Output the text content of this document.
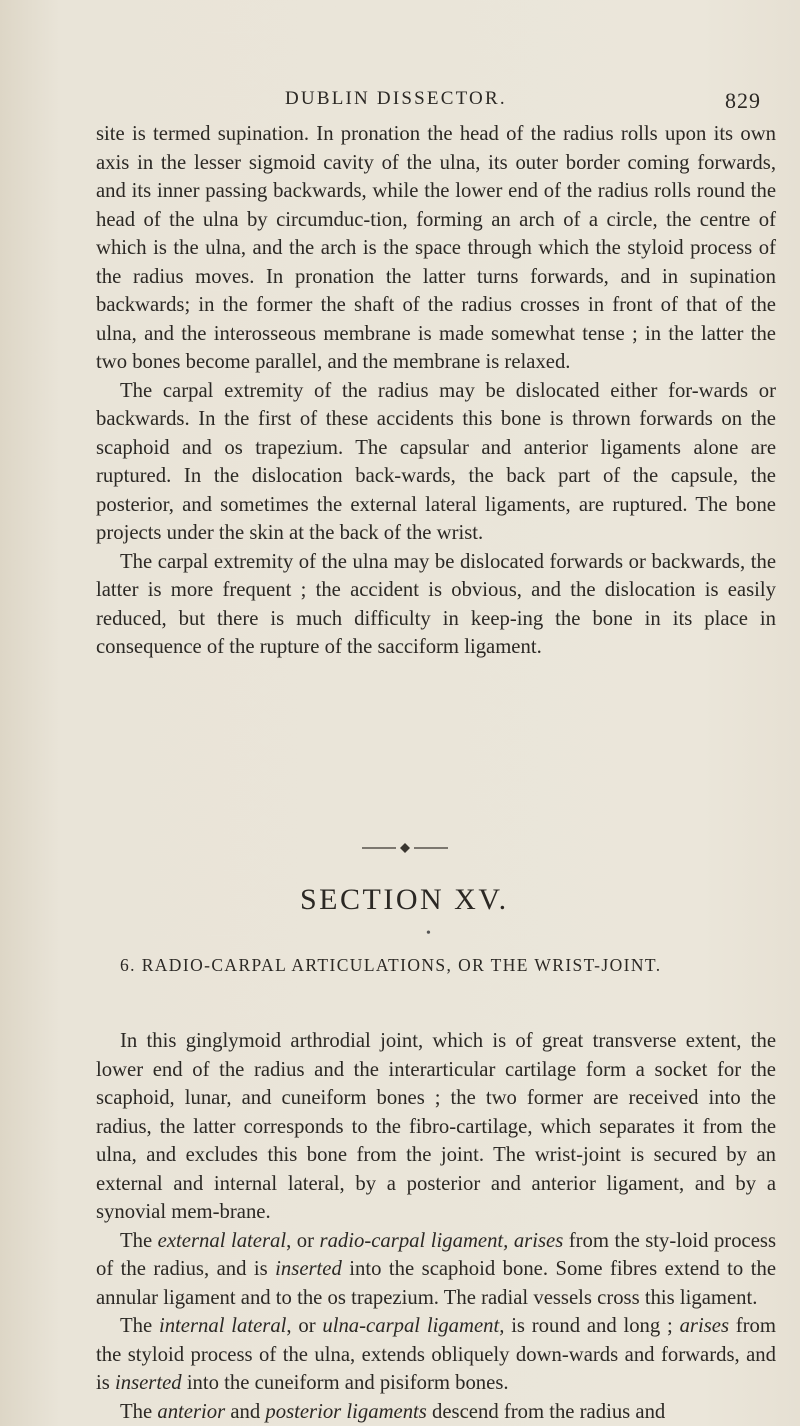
DUBLIN DISSECTOR.	829

site is termed supination. In pronation the head of the radius rolls upon its own axis in the lesser sigmoid cavity of the ulna, its outer border coming forwards, and its inner passing backwards, while the lower end of the radius rolls round the head of the ulna by circumduc-tion, forming an arch of a circle, the centre of which is the ulna, and the arch is the space through which the styloid process of the radius moves. In pronation the latter turns forwards, and in supination backwards; in the former the shaft of the radius crosses in front of that of the ulna, and the interosseous membrane is made somewhat tense ; in the latter the two bones become parallel, and the membrane is relaxed.

The carpal extremity of the radius may be dislocated either for-wards or backwards. In the first of these accidents this bone is thrown forwards on the scaphoid and os trapezium. The capsular and anterior ligaments alone are ruptured. In the dislocation back-wards, the back part of the capsule, the posterior, and sometimes the external lateral ligaments, are ruptured. The bone projects under the skin at the back of the wrist.

The carpal extremity of the ulna may be dislocated forwards or backwards, the latter is more frequent ; the accident is obvious, and the dislocation is easily reduced, but there is much difficulty in keep-ing the bone in its place in consequence of the rupture of the sacciform ligament.

SECTION XV.
•
6. RADIO-CARPAL ARTICULATIONS, OR THE WRIST-JOINT.

In this ginglymoid arthrodial joint, which is of great transverse extent, the lower end of the radius and the interarticular cartilage form a socket for the scaphoid, lunar, and cuneiform bones ; the two former are received into the radius, the latter corresponds to the fibro-cartilage, which separates it from the ulna, and excludes this bone from the joint. The wrist-joint is secured by an external and internal lateral, by a posterior and anterior ligament, and by a synovial mem-brane.

The external lateral, or radio-carpal ligament, arises from the sty-loid process of the radius, and is inserted into the scaphoid bone. Some fibres extend to the annular ligament and to the os trapezium. The radial vessels cross this ligament.

The internal lateral, or ulna-carpal ligament, is round and long ; arises from the styloid process of the ulna, extends obliquely down-wards and forwards, and is inserted into the cuneiform and pisiform bones.

The anterior and posterior ligaments descend from the radius and
